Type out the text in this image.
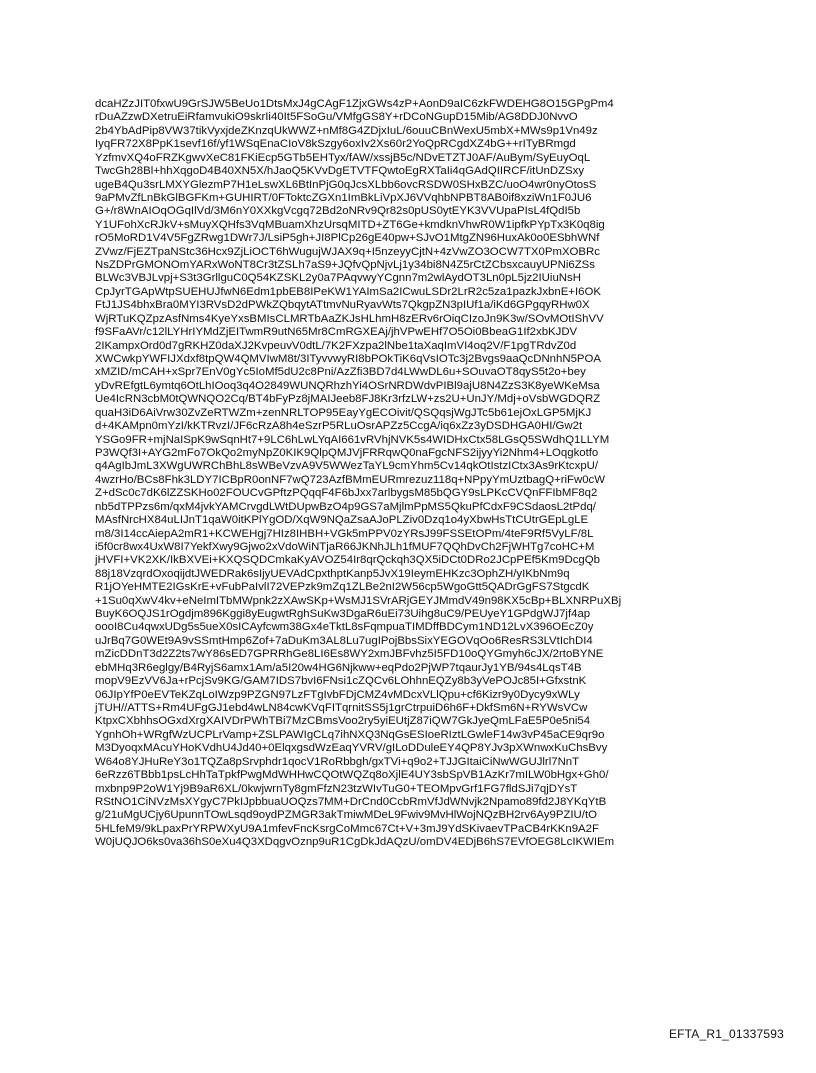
dcaHZzJIT0fxwU9GrSJW5BeUo1DtsMxJ4gCAgF1ZjxGWs4zP+AonD9aIC6zkFWDEHG8O15GPgPm4
rDuAZzwDXetruEiRfamvukiO9skrIi40It5FSoGu/VMfgGS8Y+rDCoNGupD15Mib/AG8DDJ0NvvO
2b4YbAdPip8VW37tikVyxjdeZKnzqUkWWZ+nMf8G4ZDjxIuL/6ouuCBnWexU5mbX+MWs9p1Vn49z
IyqFR72X8PpK1sevf16f/yf1WSqEnaCIoV8kSzgy6oxIv2Xs60r2YoQpRCgdXZ4bG++rITyBRmgd
YzfmvXQ4oFRZKgwvXeC81FKiEcp5GTb5EHTyx/fAW/xssjB5c/NDvETZTJ0AF/AuBym/SyEuyOqL
TwcGh28Bl+hhXqgoD4B40XN5X/hJaoQ5KVvDgETVTFQwtoEgRXTaIi4qGAdQIIRCF/itUnDZSxy
ugeB4Qu3srLMXYGlezmP7H1eLswXL6BtInPjG0qJcsXLbb6ovcRSDW0SHxBZC/uoO4wr0nyOtosS
9aPMvZfLnBkGlBGFKm+GUHIRT/0FToktcZGXn1ImBkLiVpXJ6VVqhbNPBT8AB0if8xziWn1F0JU6
G+/r8WnAIOqOGqIlVd/3M6nY0XXkgVcgq72Bd2oNRv9Qr82s0pUS0ytEYK3VVUpaPIsL4fQdI5b
Y1UFohXcRJkV+sMuyXQHfs3VqMBuamXhzUrsqMITD+ZT6Ge+kmdknVhwR0W1ipfkPYpTx3K0q8ig
rO5MoRD1V4V5FgZRwg1DWr7J/LsiP5gh+JI8PlCp26gE40pw+SJvO1MtgZN96HuxAk0o0ESbhWNf
ZVwz/FjEZTpaNStc36Hcx9ZjLiOCT6hWugujWJAX9q+I5nzeyyCjtN+4zVwZO3OCW7TX0PmXOBRc
NsZDPrGMONOmYARxWoNT8Cr3tZSLh7aS9+JQfvQpNjvLj1y34bi8N4Z5rCtZCbsxcauyUPNi6ZSs
BLWc3VBJLvpj+S3t3GrllguC0Q54KZSKL2y0a7PAqvwyYCgnn7m2wlAydOT3Ln0pL5jz2IUiuNsH
CpJyrTGApWtpSUEHUJfwN6Edm1pbEB8IPeKW1YAImSa2ICwuLSDr2LrR2c5za1pazkJxbnE+I6OK
FtJ1JS4bhxBra0MYI3RVsD2dPWkZQbqytATtmvNuRyavWts7QkgpZN3pIUf1a/iKd6GPgqyRHw0X
WjRTuKQZpzAsfNms4KyeYxsBMIsCLMRTbAaZKJsHLhmH8zERv6rOiqCIzoJn9K3w/SOvMOtIShVV
f9SFaAVr/c12lLYHrIYMdZjEITwmR9utN65Mr8CmRGXEAj/jhVPwEHf7O5Oi0BbeaG1If2xbKJDV
2IKampxOrd0d7gRKHZ0daXJ2KvpeuvV0dtL/7K2FXzpa2lNbe1taXaqImVI4oq2V/F1pgTRdvZ0d
XWCwkpYWFIJXdxf8tpQW4QMVIwM8t/3ITyvvwyRI8bPOkTiK6qVsIOTc3j2Bvgs9aaQcDNnhN5POA
xMZID/mCAH+xSpr7EnV0gYc5IoMf5dU2c8Pni/AzZfi3BD7d4LWwDL6u+SOuvaOT8qyS5t2o+bey
yDvREfgtL6ymtq6OtLhIOoq3q4O2849WUNQRhzhYi4OSrNRDWdvPIBl9ajU8N4ZzS3K8yeWKeMsa
Ue4IcRN3cbM0tQWNQO2Cq/BT4bFyPz8jMAIJeeb8FJ8Kr3rfzLW+zs2U+UnJY/Mdj+oVsbWGDQRZ
quaH3iD6AiVrw30ZvZeRTWZm+zenNRLTOP95EayYgECOivit/QSQqsjWgJTc5b61ejOxLGP5MjKJ
d+4KAMpn0mYzI/kKTRvzI/JF6cRzA8h4eSzrP5RLuOsrAPZz5CcgA/iq6xZz3yDSDHGA0HI/Gw2t
YSGo9FR+mjNaISpK9wSqnHt7+9LC6hLwLYqAI661vRVhjNVK5s4WIDHxCtx58LGsQ5SWdhQ1LLYM
P3WQf3I+AYG2mFo7OkQo2myNpZ0KIK9QlpQMJVjFRRqwQ0naFgcNFS2ijyyYi2Nhm4+LOqgkotfo
q4AgIbJmL3XWgUWRChBhL8sWBeVzvA9V5WWezTaYL9cmYhm5Cv14qkOtIstzICtx3As9rKtcxpU/
4wzrHo/BCs8Fhk3LDY7ICBpR0onNF7wQ723AzfBMmEURmrezuz118q+NPpyYmUztbagQ+riFw0cW
Z+dSc0c7dK6lZZSKHo02FOUCvGPftzPQqqF4F6bJxx7arlbygsM85bQGY9sLPKcCVQnFFIbMF8q2
nb5dTPPzs6m/qxM4jvkYAMCrvgdLWtDUpwBzO4p9GS7aMjlmPpMS5QkuPfCdxF9CSdaosL2tPdq/
MAsfNrcHX84uLIJnT1qaW0itKPlYgOD/XqW9NQaZsaAJoPLZiv0Dzq1o4yXbwHsTtCUtrGEpLgLE
m8/3I14ccAiepA2mR1+KCWEHgj7HIz8IHBH+VGk5mPPV0zYRsJ99FSSEtOPm/4teF9Rf5VyLF/8L
i5f0cr8wx4UxW8I7YekfXwy9Gjwo2xVdoWiNTjaR66JKNhJLh1fMUF7QQhDvCh2FjWHTg7coHC+M
jHVFI+VK2XK/IkBXVEi+KXQSQDCmkaKyAVOZ54Ir8qrQckqh3QX5iDCt0DRo2JCpPEf5Km9DcgQb
88j18VzqrdOxoqijdtJWEDRak6sIjyUEVAdCpxthptKanp5JvX19IeymEHKzc3OphZH/yIKbNm9q
R1jOYeHMTE2IGsKrE+vFubPaIvlI72VEPzk9mZq1ZLBe2nI2W56cp5WgoGtt5QADrGgFS7StgcdK
+1Su0qXwV4kv+eNeImITbMWpnk2zXAwSKp+WsMJ1SVrARjGEYJMmdV49n98KX5cBp+BLXNRPuXBj
BuyK6OQJS1rOgdjm896Kggi8yEugwtRghSuKw3DgaR6uEi73Uihg8uC9/PEUyeY1GPdgWJ7jf4ap
oooI8Cu4qwxUDg5s5ueX0sICAyfcwm38Gx4eTktL8sFqmpuaTIMDffBDCym1ND12LvX396OEcZ0y
uJrBq7G0WEt9A9vSSmtHmp6Zof+7aDuKm3AL8Lu7ugIPojBbsSixYEGOVqOo6ResRS3LVtIchDI4
mZicDDnT3d2Z2ts7wY86sED7GPRRhGe8LI6Es8WY2xmJBFvhz5I5FD10oQYGmyh6cJX/2rtoBYNE
ebMHq3R6eglgy/B4RyjS6amx1Am/a5I20w4HG6Njkww+eqPdo2PjWP7tqaurJy1YB/94s4LqsT4B
mopV9EzVV6Ja+rPcjSv9KG/GAM7IDS7bvI6FNsi1cZQCv6LOhhnEQZy8b3yVePOJc85I+GfxstnK
06JIpYfP0eEVTeKZqLoIWzp9PZGN97LzFTgIvbFDjCMZ4vMDcxVLlQpu+cf6Kizr9y0Dycy9xWLy
jTUH//ATTS+Rm4UFgGJ1ebd4wLN84cwKVqFITqrnitSS5j1grCtrpuiD6h6F+DkfSm6N+RYWsVCw
KtpxCXbhhsOGxdXrgXAIVDrPWhTBi7MzCBmsVoo2ry5yiEUtjZ87iQW7GkJyeQmLFaE5P0e5ni54
YgnhOh+WRgfWzUCPLrVamp+ZSLPAWIgCLq7ihNXQ3NqGsESIoeRIztLGwleF14w3vP45aCE9qr9o
M3DyoqxMAcuYHoKVdhU4Jd40+0ElqxgsdWzEaqYVRV/gILoDDuleEY4QP8YJv3pXWnwxKuChsBvy
W64o8YJHuReY3o1TQZa8pSrvphdr1qocV1RoRbbgh/gxTVi+q9o2+TJJGItaiCiNwWGUJlrl7NnT
6eRzz6TBbb1psLcHhTaTpkfPwgMdWHHwCQOtWQZq8oXjlE4UY3sbSpVB1AzKr7mILW0bHgx+Gh0/
mxbnp9P2oW1Yj9B9aR6XL/0kwjwrnTy8gmFfzN23tzWIvTuG0+TEOMpvGrf1FG7fldSJi7qjDYsT
RStNO1CiNVzMsXYgyC7PkIJpbbuaUOQzs7MM+DrCnd0CcbRmVfJdWNvjk2Npamo89fd2J8YKqYtB
g/21uMgUCjy6UpunnTOwLsqd9oydPZMGR3akTmiwMDeL9Fwiv9MvHlWojNQzBH2rv6Ay9PZIU/tO
5HLfeM9/9kLpaxPrYRPWXyU9A1mfevFncKsrgCoMmc67Ct+V+3mJ9YdSKivaevTPaCB4rKKn9A2F
W0jUQJO6ks0va36hS0eXu4Q3XDqgvOznp9uR1CgDkJdAQzU/omDV4EDjB6hS7EVfOEG8LcIKWIEm
EFTA_R1_01337593
